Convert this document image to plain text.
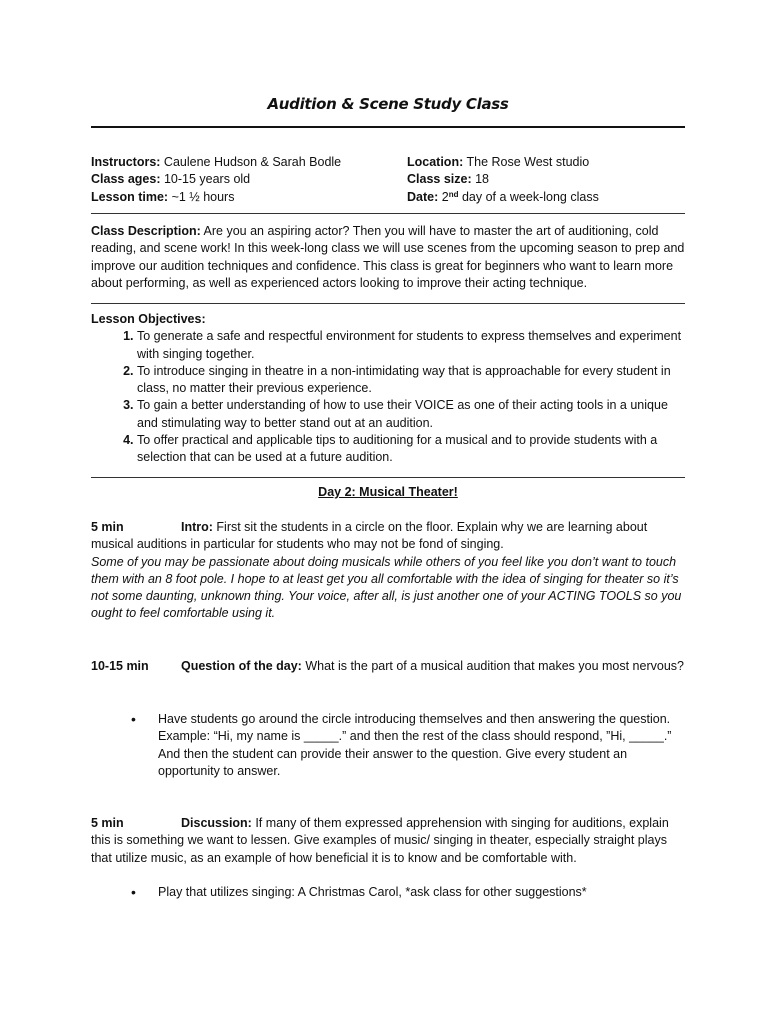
Audition & Scene Study Class
Instructors: Caulene Hudson & Sarah Bodle	Location: The Rose West studio
Class ages: 10-15 years old	Class size: 18
Lesson time: ~1 ½ hours	Date: 2nd day of a week-long class
Class Description: Are you an aspiring actor? Then you will have to master the art of auditioning, cold reading, and scene work! In this week-long class we will use scenes from the upcoming season to prep and improve our audition techniques and confidence. This class is great for beginners who want to learn more about performing, as well as experienced actors looking to improve their acting technique.
Lesson Objectives:
1. To generate a safe and respectful environment for students to express themselves and experiment with singing together.
2. To introduce singing in theatre in a non-intimidating way that is approachable for every student in class, no matter their previous experience.
3. To gain a better understanding of how to use their VOICE as one of their acting tools in a unique and stimulating way to better stand out at an audition.
4. To offer practical and applicable tips to auditioning for a musical and to provide students with a selection that can be used at a future audition.
Day 2: Musical Theater!
5 min	Intro: First sit the students in a circle on the floor. Explain why we are learning about musical auditions in particular for students who may not be fond of singing.
Some of you may be passionate about doing musicals while others of you feel like you don’t want to touch them with an 8 foot pole. I hope to at least get you all comfortable with the idea of singing for theater so it’s not some daunting, unknown thing. Your voice, after all, is just another one of your ACTING TOOLS so you ought to feel comfortable using it.
10-15 min	Question of the day: What is the part of a musical audition that makes you most nervous?
•	Have students go around the circle introducing themselves and then answering the question. Example: “Hi, my name is _____.” and then the rest of the class should respond, ”Hi, _____.” And then the student can provide their answer to the question. Give every student an opportunity to answer.
5 min	Discussion: If many of them expressed apprehension with singing for auditions, explain this is something we want to lessen. Give examples of music/ singing in theater, especially straight plays that utilize music, as an example of how beneficial it is to know and be comfortable with.
•	Play that utilizes singing: A Christmas Carol, *ask class for other suggestions*
